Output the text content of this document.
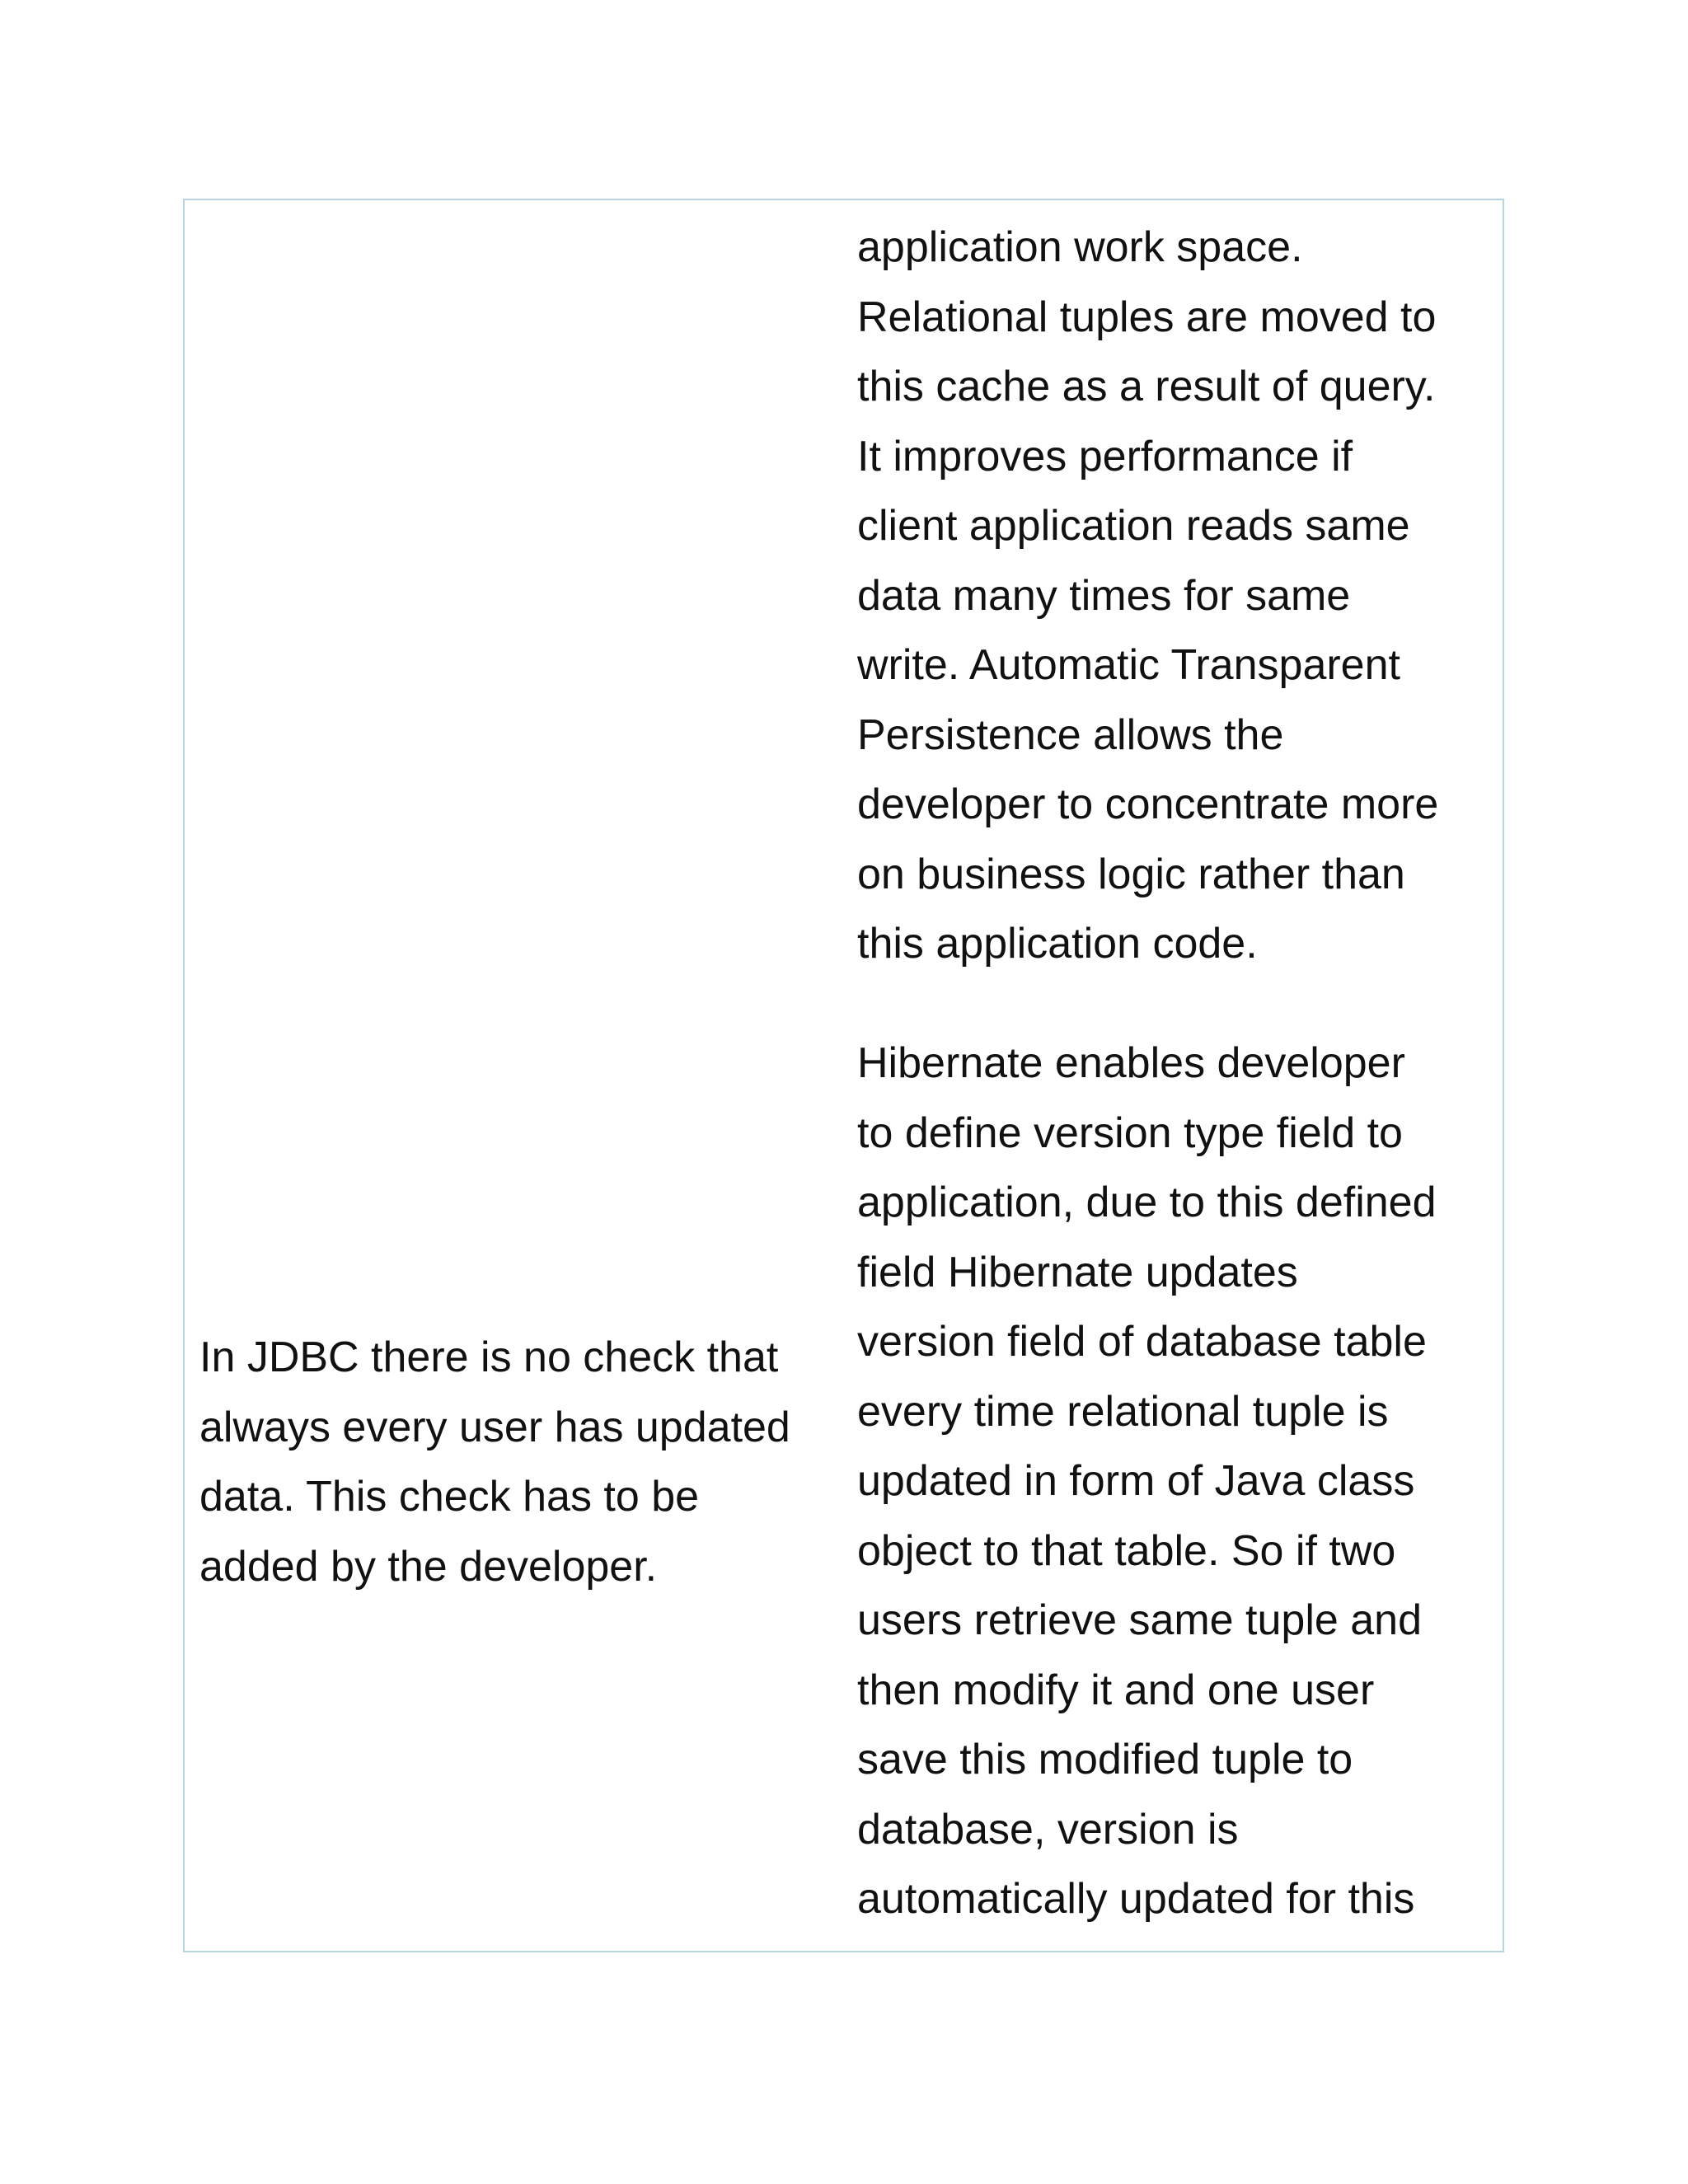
In JDBC there is no check that
always every user has updated
data. This check has to be
added by the developer.
application work space.
Relational tuples are moved to
this cache as a result of query.
It improves performance if
client application reads same
data many times for same
write. Automatic Transparent
Persistence allows the
developer to concentrate more
on business logic rather than
this application code.
Hibernate enables developer
to define version type field to
application, due to this defined
field Hibernate updates
version field of database table
every time relational tuple is
updated in form of Java class
object to that table. So if two
users retrieve same tuple and
then modify it and one user
save this modified tuple to
database, version is
automatically updated for this
